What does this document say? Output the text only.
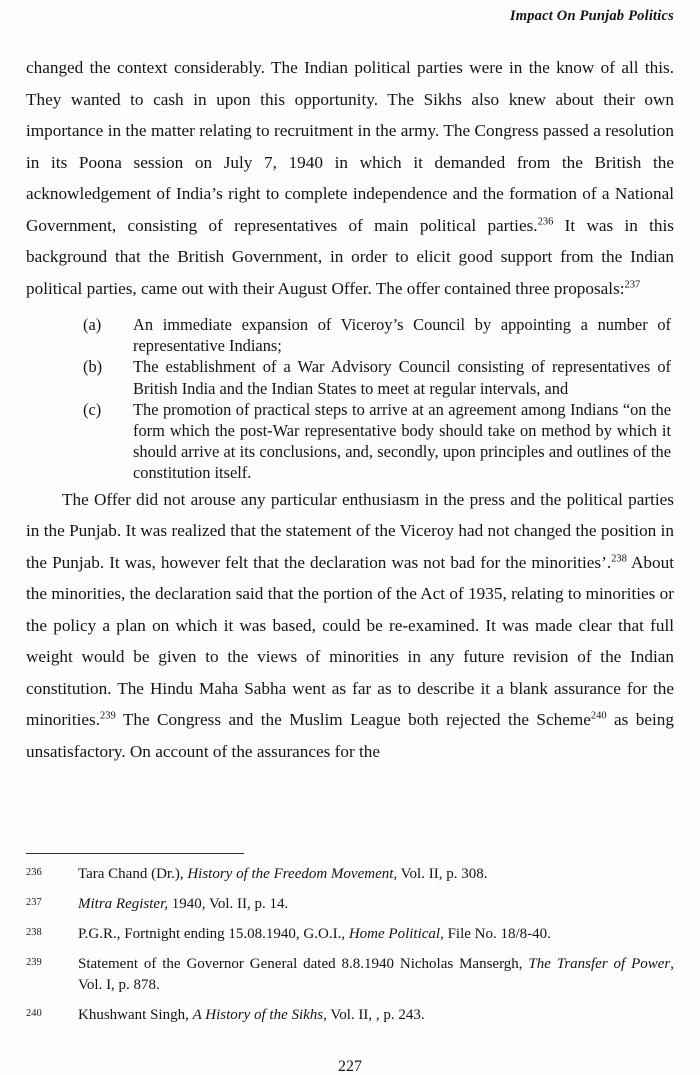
Impact On Punjab Politics

changed the context considerably. The Indian political parties were in the know of all this. They wanted to cash in upon this opportunity. The Sikhs also knew about their own importance in the matter relating to recruitment in the army. The Congress passed a resolution in its Poona session on July 7, 1940 in which it demanded from the British the acknowledgement of India’s right to complete independence and the formation of a National Government, consisting of representatives of main political parties.$^{236}$ It was in this background that the British Government, in order to elicit good support from the Indian political parties, came out with their August Offer. The offer contained three proposals:$^{237}$

(a)	An immediate expansion of Viceroy’s Council by appointing a number of representative Indians;
(b)	The establishment of a War Advisory Council consisting of representatives of British India and the Indian States to meet at regular intervals, and
(c)	The promotion of practical steps to arrive at an agreement among Indians “on the form which the post-War representative body should take on method by which it should arrive at its conclusions, and, secondly, upon principles and outlines of the constitution itself.

The Offer did not arouse any particular enthusiasm in the press and the political parties in the Punjab. It was realized that the statement of the Viceroy had not changed the position in the Punjab. It was, however felt that the declaration was not bad for the minorities’.$^{238}$ About the minorities, the declaration said that the portion of the Act of 1935, relating to minorities or the policy a plan on which it was based, could be re-examined. It was made clear that full weight would be given to the views of minorities in any future revision of the Indian constitution. The Hindu Maha Sabha went as far as to describe it a blank assurance for the minorities.$^{239}$ The Congress and the Muslim League both rejected the Scheme$^{240}$ as being unsatisfactory. On account of the assurances for the

236	Tara Chand (Dr.), History of the Freedom Movement, Vol. II, p. 308.
237	Mitra Register, 1940, Vol. II, p. 14.
238	P.G.R., Fortnight ending 15.08.1940, G.O.I., Home Political, File No. 18/8-40.
239	Statement of the Governor General dated 8.8.1940 Nicholas Mansergh, The Transfer of Power, Vol. I, p. 878.
240	Khushwant Singh, A History of the Sikhs, Vol. II, , p. 243.
227
